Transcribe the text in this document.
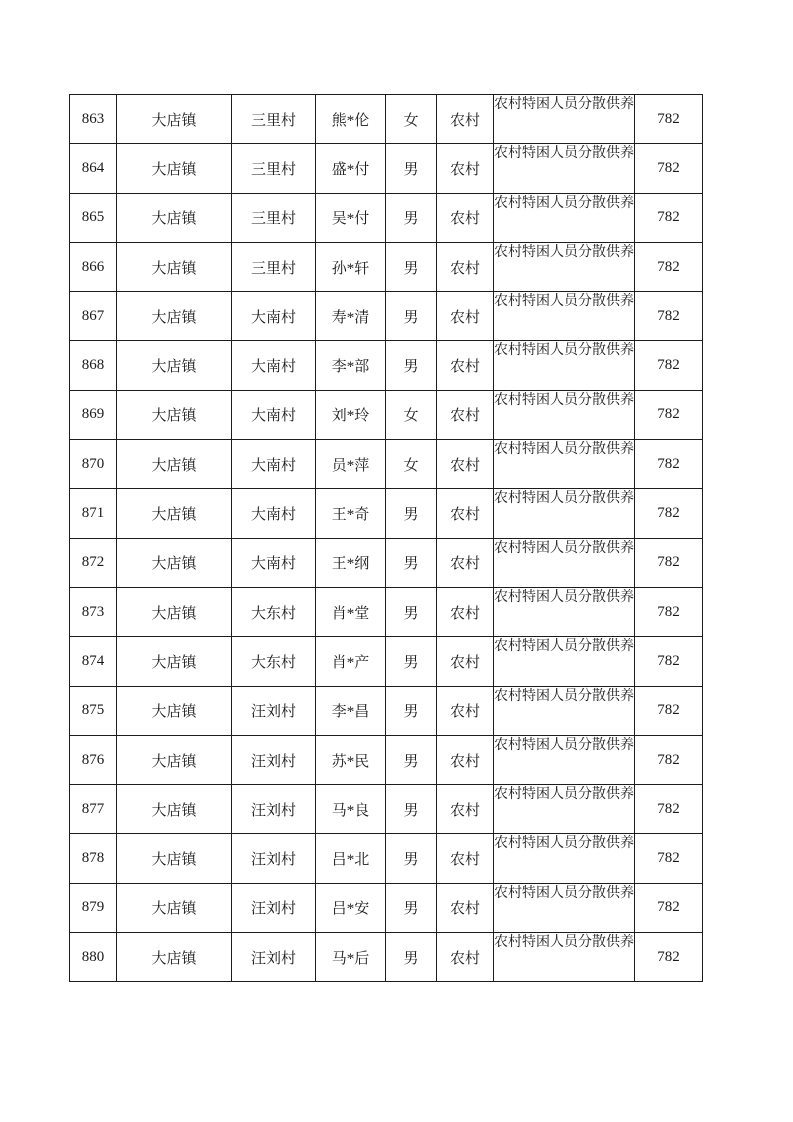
863	大店镇	三里村	熊*伦	女	农村	农村特困人员分散供养	782
864	大店镇	三里村	盛*付	男	农村	农村特困人员分散供养	782
865	大店镇	三里村	吴*付	男	农村	农村特困人员分散供养	782
866	大店镇	三里村	孙*轩	男	农村	农村特困人员分散供养	782
867	大店镇	大南村	寿*清	男	农村	农村特困人员分散供养	782
868	大店镇	大南村	李*部	男	农村	农村特困人员分散供养	782
869	大店镇	大南村	刘*玲	女	农村	农村特困人员分散供养	782
870	大店镇	大南村	员*萍	女	农村	农村特困人员分散供养	782
871	大店镇	大南村	王*奇	男	农村	农村特困人员分散供养	782
872	大店镇	大南村	王*纲	男	农村	农村特困人员分散供养	782
873	大店镇	大东村	肖*堂	男	农村	农村特困人员分散供养	782
874	大店镇	大东村	肖*产	男	农村	农村特困人员分散供养	782
875	大店镇	汪刘村	李*昌	男	农村	农村特困人员分散供养	782
876	大店镇	汪刘村	苏*民	男	农村	农村特困人员分散供养	782
877	大店镇	汪刘村	马*良	男	农村	农村特困人员分散供养	782
878	大店镇	汪刘村	吕*北	男	农村	农村特困人员分散供养	782
879	大店镇	汪刘村	吕*安	男	农村	农村特困人员分散供养	782
880	大店镇	汪刘村	马*后	男	农村	农村特困人员分散供养	782
